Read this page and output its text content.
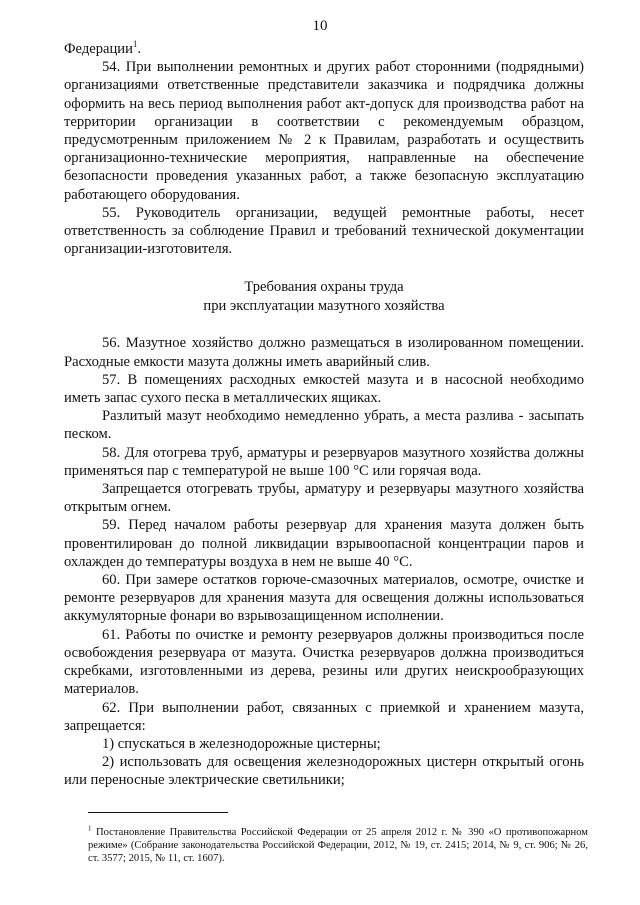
10

Федерации$^1$.

54. При выполнении ремонтных и других работ сторонними (подрядными) организациями ответственные представители заказчика и подрядчика должны оформить на весь период выполнения работ акт-допуск для производства работ на территории организации в соответствии с рекомендуемым образцом, предусмотренным приложением № 2 к Правилам, разработать и осуществить организационно-технические мероприятия, направленные на обеспечение безопасности проведения указанных работ, а также безопасную эксплуатацию работающего оборудования.

55. Руководитель организации, ведущей ремонтные работы, несет ответственность за соблюдение Правил и требований технической документации организации-изготовителя.

Требования охраны труда
при эксплуатации мазутного хозяйства

56. Мазутное хозяйство должно размещаться в изолированном помещении. Расходные емкости мазута должны иметь аварийный слив.

57. В помещениях расходных емкостей мазута и в насосной необходимо иметь запас сухого песка в металлических ящиках.

Разлитый мазут необходимо немедленно убрать, а места разлива - засыпать песком.

58. Для отогрева труб, арматуры и резервуаров мазутного хозяйства должны применяться пар с температурой не выше 100 °С или горячая вода.

Запрещается отогревать трубы, арматуру и резервуары мазутного хозяйства открытым огнем.

59. Перед началом работы резервуар для хранения мазута должен быть провентилирован до полной ликвидации взрывоопасной концентрации паров и охлажден до температуры воздуха в нем не выше 40 °С.

60. При замере остатков горюче-смазочных материалов, осмотре, очистке и ремонте резервуаров для хранения мазута для освещения должны использоваться аккумуляторные фонари во взрывозащищенном исполнении.

61. Работы по очистке и ремонту резервуаров должны производиться после освобождения резервуара от мазута. Очистка резервуаров должна производиться скребками, изготовленными из дерева, резины или других неискрообразующих материалов.

62. При выполнении работ, связанных с приемкой и хранением мазута, запрещается:

1) спускаться в железнодорожные цистерны;

2) использовать для освещения железнодорожных цистерн открытый огонь или переносные электрические светильники;

$^1$ Постановление Правительства Российской Федерации от 25 апреля 2012 г. № 390 «О противопожарном режиме» (Собрание законодательства Российской Федерации, 2012, № 19, ст. 2415; 2014, № 9, ст. 906; № 26, ст. 3577; 2015, № 11, ст. 1607).
